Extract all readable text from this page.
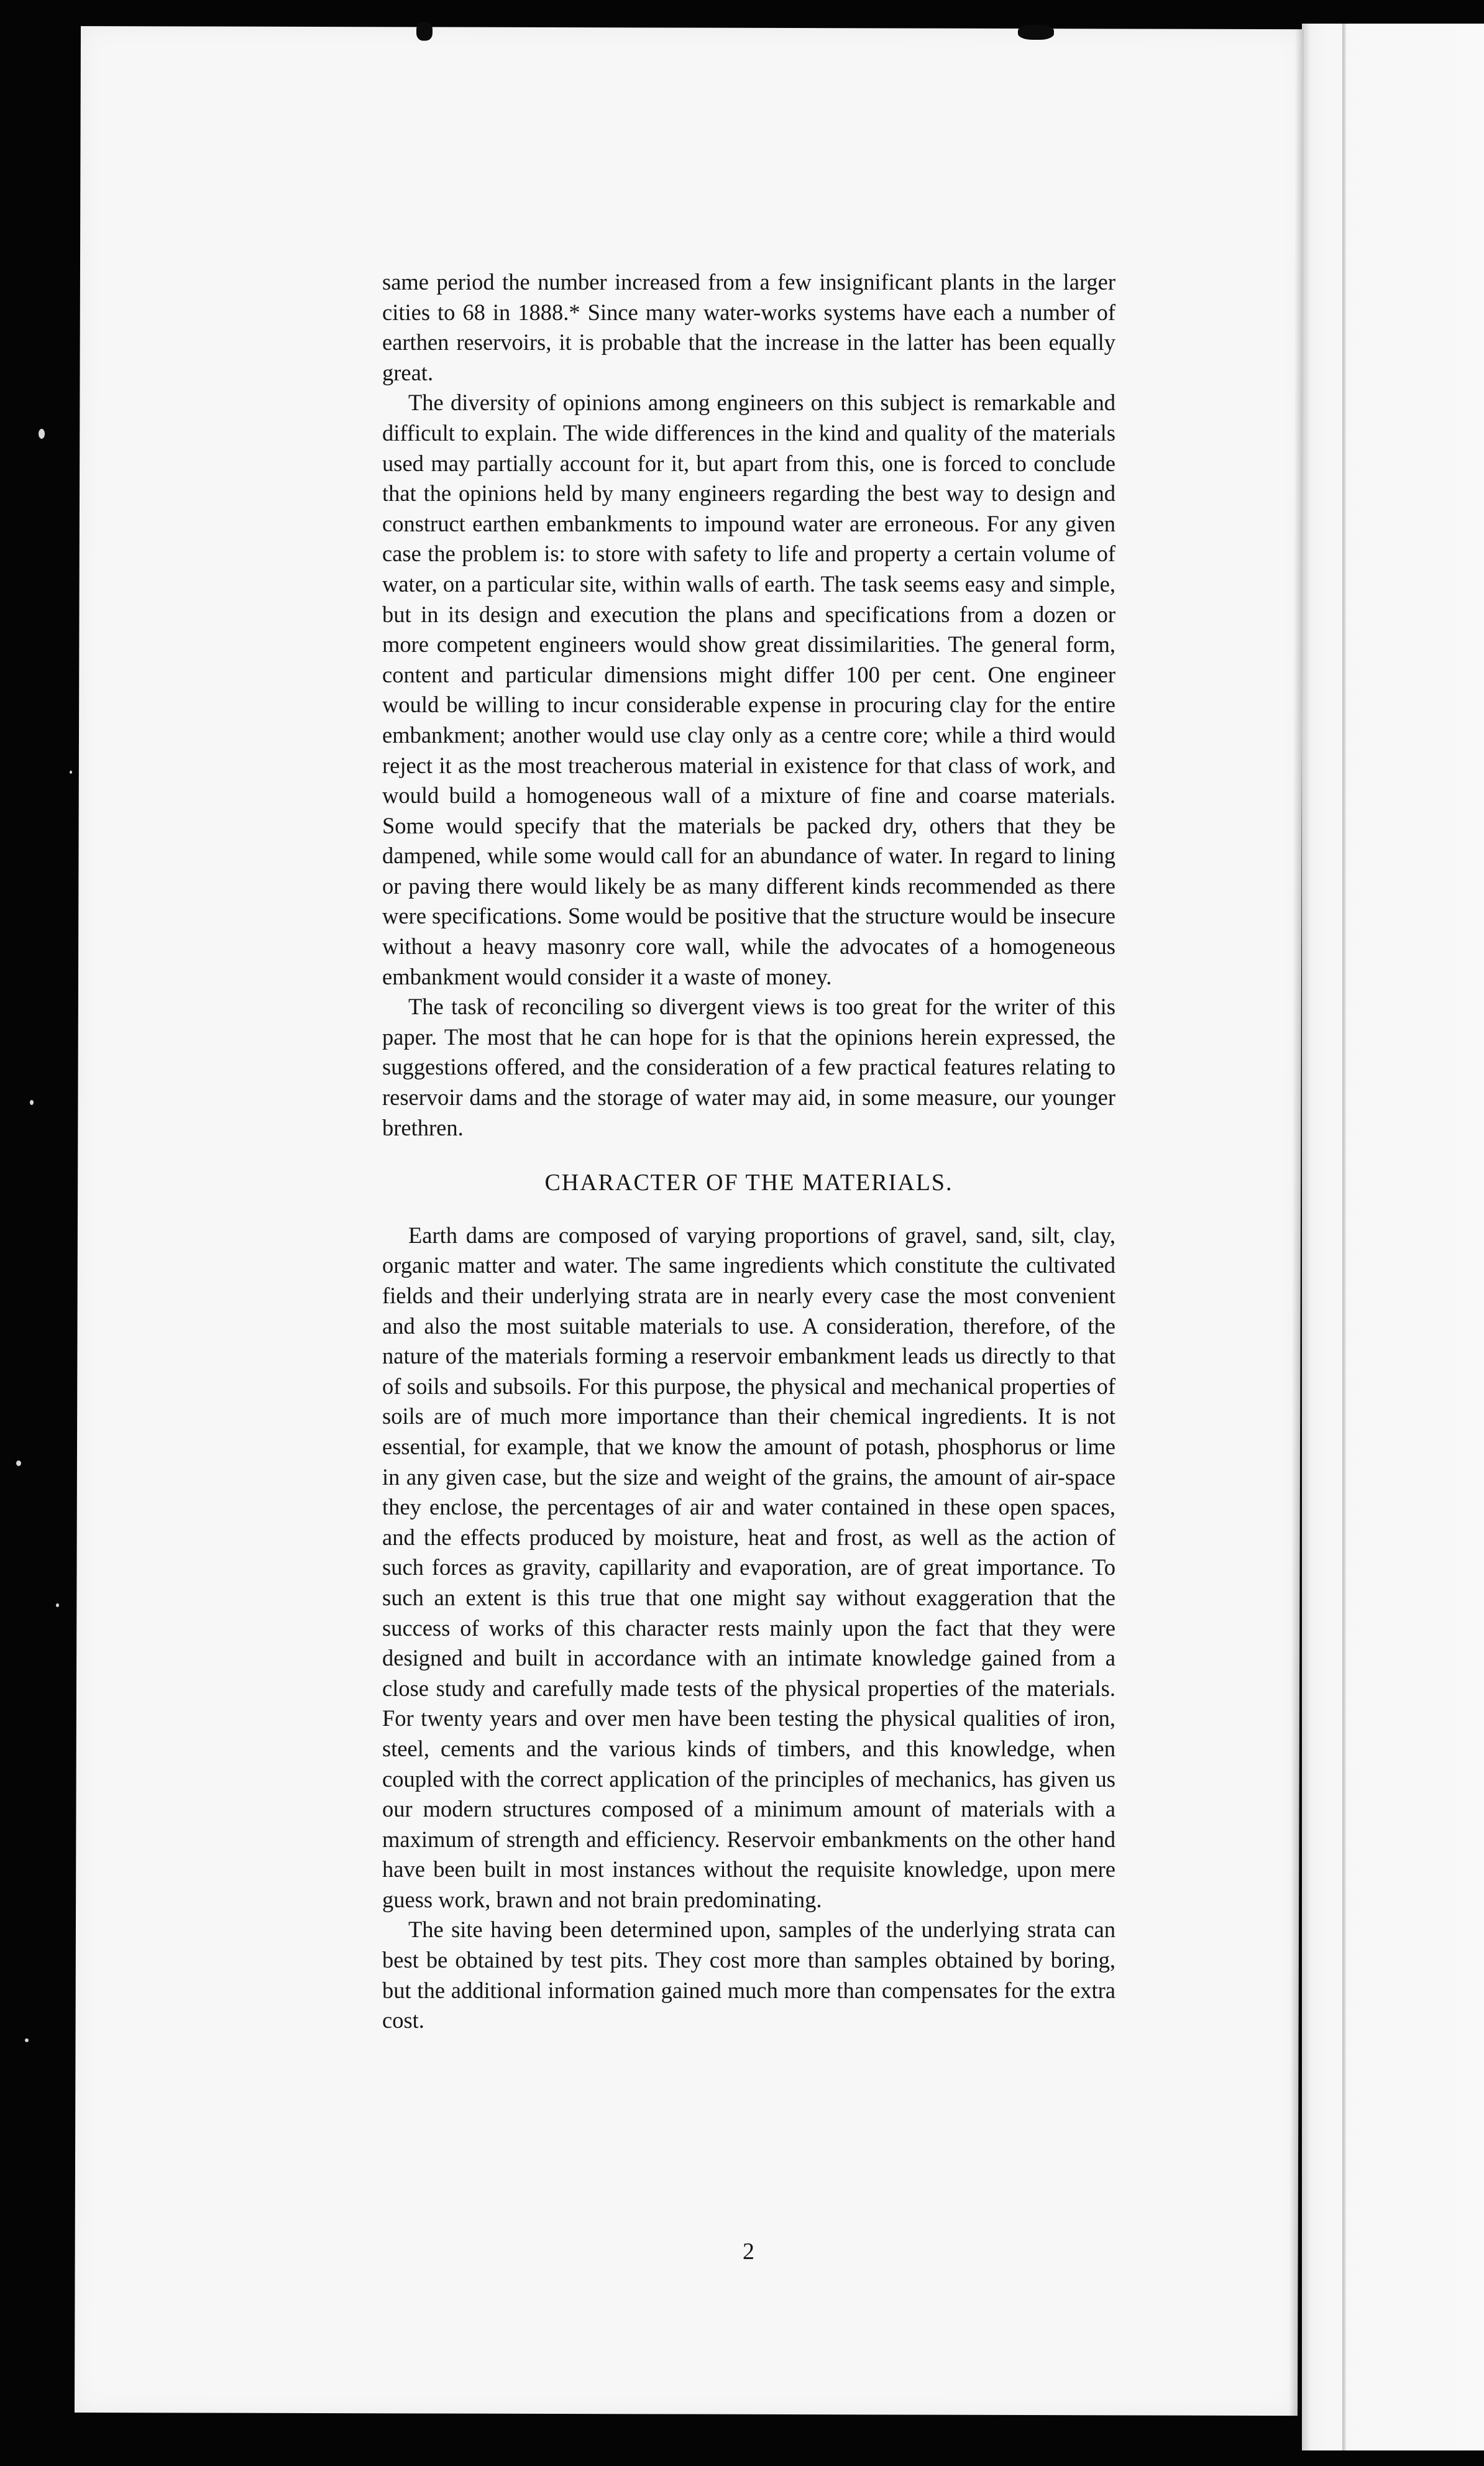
same period the number increased from a few insignificant plants in the larger cities to 68 in 1888.* Since many water-works systems have each a number of earthen reservoirs, it is probable that the increase in the latter has been equally great.

The diversity of opinions among engineers on this subject is remarkable and difficult to explain. The wide differences in the kind and quality of the materials used may partially account for it, but apart from this, one is forced to conclude that the opinions held by many engineers regarding the best way to design and construct earthen embankments to impound water are erroneous. For any given case the problem is: to store with safety to life and property a certain volume of water, on a particular site, within walls of earth. The task seems easy and simple, but in its design and execution the plans and specifications from a dozen or more competent engineers would show great dissimilarities. The general form, content and particular dimensions might differ 100 per cent. One engineer would be willing to incur considerable expense in procuring clay for the entire embankment; another would use clay only as a centre core; while a third would reject it as the most treacherous material in existence for that class of work, and would build a homogeneous wall of a mixture of fine and coarse materials. Some would specify that the materials be packed dry, others that they be dampened, while some would call for an abundance of water. In regard to lining or paving there would likely be as many different kinds recommended as there were specifications. Some would be positive that the structure would be insecure without a heavy masonry core wall, while the advocates of a homogeneous embankment would consider it a waste of money.

The task of reconciling so divergent views is too great for the writer of this paper. The most that he can hope for is that the opinions herein expressed, the suggestions offered, and the consideration of a few practical features relating to reservoir dams and the storage of water may aid, in some measure, our younger brethren.

CHARACTER OF THE MATERIALS.

Earth dams are composed of varying proportions of gravel, sand, silt, clay, organic matter and water. The same ingredients which constitute the cultivated fields and their underlying strata are in nearly every case the most convenient and also the most suitable materials to use. A consideration, therefore, of the nature of the materials forming a reservoir embankment leads us directly to that of soils and subsoils. For this purpose, the physical and mechanical properties of soils are of much more importance than their chemical ingredients. It is not essential, for example, that we know the amount of potash, phosphorus or lime in any given case, but the size and weight of the grains, the amount of air-space they enclose, the percentages of air and water contained in these open spaces, and the effects produced by moisture, heat and frost, as well as the action of such forces as gravity, capillarity and evaporation, are of great importance. To such an extent is this true that one might say without exaggeration that the success of works of this character rests mainly upon the fact that they were designed and built in accordance with an intimate knowledge gained from a close study and carefully made tests of the physical properties of the materials. For twenty years and over men have been testing the physical qualities of iron, steel, cements and the various kinds of timbers, and this knowledge, when coupled with the correct application of the principles of mechanics, has given us our modern structures composed of a minimum amount of materials with a maximum of strength and efficiency. Reservoir embankments on the other hand have been built in most instances without the requisite knowledge, upon mere guess work, brawn and not brain predominating.

The site having been determined upon, samples of the underlying strata can best be obtained by test pits. They cost more than samples obtained by boring, but the additional information gained much more than compensates for the extra cost.

2
